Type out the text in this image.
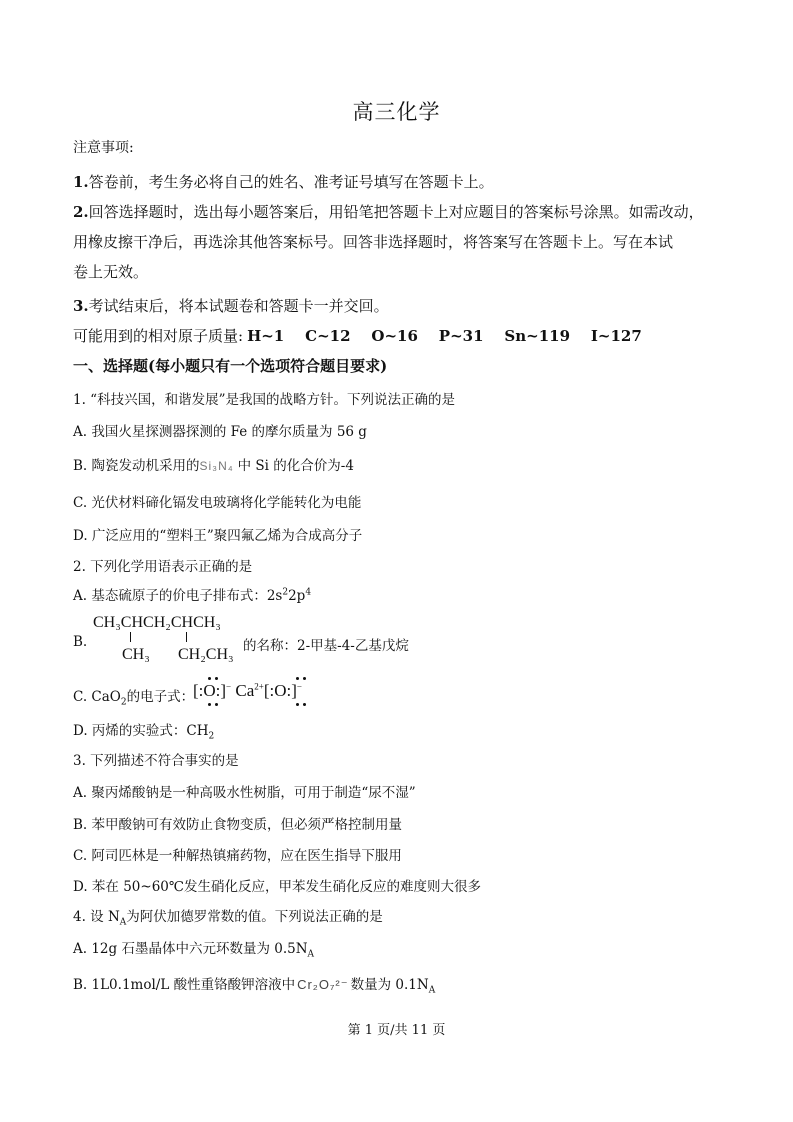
高三化学
注意事项:
1.答卷前，考生务必将自己的姓名、准考证号填写在答题卡上。
2.回答选择题时，选出每小题答案后，用铅笔把答题卡上对应题目的答案标号涂黑。如需改动，
用橡皮擦干净后，再选涂其他答案标号。回答非选择题时，将答案写在答题卡上。写在本试
卷上无效。
3.考试结束后，将本试题卷和答题卡一并交回。
可能用到的相对原子质量: H~1    C~12    O~16    P~31    Sn~119    I~127
一、选择题(每小题只有一个选项符合题目要求)
1. “科技兴国，和谐发展”是我国的战略方针。下列说法正确的是
A. 我国火星探测器探测的 Fe 的摩尔质量为 56 g
B. 陶瓷发动机采用的Si₃N₄ 中 Si 的化合价为-4
C. 光伏材料碲化镉发电玻璃将化学能转化为电能
D. 广泛应用的“塑料王”聚四氟乙烯为合成高分子
2. 下列化学用语表示正确的是
A. 基态硫原子的价电子排布式：$2s^22p^4$
B.
CH₃CHCH₂CHCH₃
CH₃ CH₂CH₃ 的名称：2-甲基-4-乙基戊烷
C. CaO$_2$的电子式：
[:O:]− $Ca^{2+}[:O:]^-$
D. 丙烯的实验式：$CH_2$
3. 下列描述不符合事实的是
A. 聚丙烯酸钠是一种高吸水性树脂，可用于制造“尿不湿”
B. 苯甲酸钠可有效防止食物变质，但必须严格控制用量
C. 阿司匹林是一种解热镇痛药物，应在医生指导下服用
D. 苯在 50~60℃发生硝化反应，甲苯发生硝化反应的难度则大很多
4. 设 $N_A$为阿伏加德罗常数的值。下列说法正确的是
A. 12g 石墨晶体中六元环数量为 $0.5N_A$
B. 1L0.1mol/L 酸性重铬酸钾溶液中 Cr₂O₇²⁻ 数量为 $0.1N_A$
第 1 页/共 11 页
